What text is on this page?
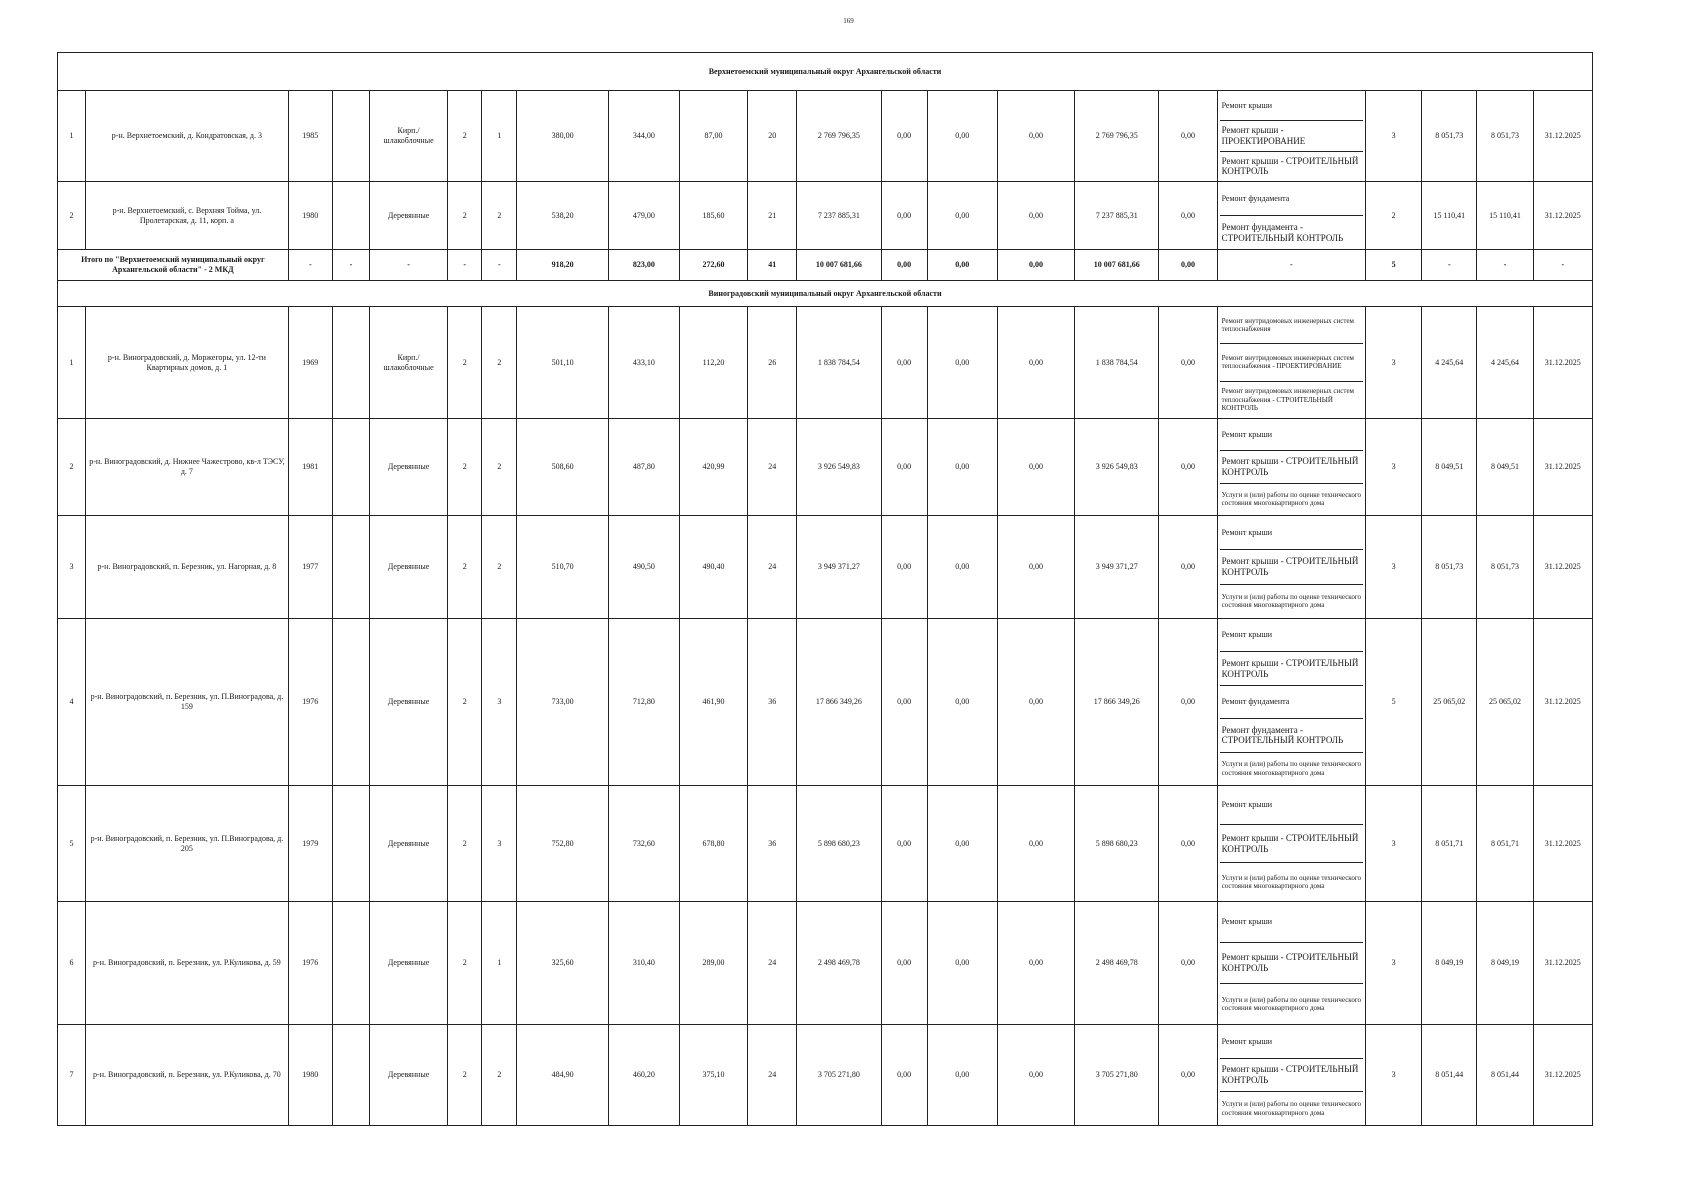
169
Верхнетоемский муниципальный округ Архангельской области																					
1	р-н. Верхнетоемский, д. Кондратовская, д. 3	1985		Кирп./ шлакоблочные	2	1	380,00	344,00	87,00	20	2 769 796,35	0,00	0,00	0,00	2 769 796,35	0,00	Ремонт крыши
Ремонт крыши - ПРОЕКТИРОВАНИЕ
Ремонт крыши - СТРОИТЕЛЬНЫЙ КОНТРОЛЬ	3	8 051,73	8 051,73	31.12.2025
2	р-н. Верхнетоемский, с. Верхняя Тойма, ул. Пролетарская, д. 11, корп. а	1980		Деревянные	2	2	538,20	479,00	185,60	21	7 237 885,31	0,00	0,00	0,00	7 237 885,31	0,00	Ремонт фундамента
Ремонт фундамента - СТРОИТЕЛЬНЫЙ КОНТРОЛЬ	2	15 110,41	15 110,41	31.12.2025
Итого по "Верхнетоемский муниципальный округ Архангельской области" - 2 МКД		-	-	-	-	-	918,20	823,00	272,60	41	10 007 681,66	0,00	0,00	0,00	10 007 681,66	0,00	-	5	-	-	-
Виноградовский муниципальный округ Архангельской области																					
1	р-н. Виноградовский, д. Моржегоры, ул. 12-ти Квартирных домов, д. 1	1969		Кирп./ шлакоблочные	2	2	501,10	433,10	112,20	26	1 838 784,54	0,00	0,00	0,00	1 838 784,54	0,00	Ремонт внутридомовых инженерных систем теплоснабжения
Ремонт внутридомовых инженерных систем теплоснабжения - ПРОЕКТИРОВАНИЕ
Ремонт внутридомовых инженерных систем теплоснабжения - СТРОИТЕЛЬНЫЙ КОНТРОЛЬ	3	4 245,64	4 245,64	31.12.2025
2	р-н. Виноградовский, д. Нижнее Чажестрово, кв-л ТЭСУ, д. 7	1981		Деревянные	2	2	508,60	487,80	420,99	24	3 926 549,83	0,00	0,00	0,00	3 926 549,83	0,00	Ремонт крыши
Ремонт крыши - СТРОИТЕЛЬНЫЙ КОНТРОЛЬ
Услуги и (или) работы по оценке технического состояния многоквартирного дома	3	8 049,51	8 049,51	31.12.2025
3	р-н. Виноградовский, п. Березник, ул. Нагорная, д. 8	1977		Деревянные	2	2	510,70	490,50	490,40	24	3 949 371,27	0,00	0,00	0,00	3 949 371,27	0,00	Ремонт крыши
Ремонт крыши - СТРОИТЕЛЬНЫЙ КОНТРОЛЬ
Услуги и (или) работы по оценке технического состояния многоквартирного дома	3	8 051,73	8 051,73	31.12.2025
4	р-н. Виноградовский, п. Березник, ул. П.Виноградова, д. 159	1976		Деревянные	2	3	733,00	712,80	461,90	36	17 866 349,26	0,00	0,00	0,00	17 866 349,26	0,00	Ремонт крыши
Ремонт крыши - СТРОИТЕЛЬНЫЙ КОНТРОЛЬ
Ремонт фундамента
Ремонт фундамента - СТРОИТЕЛЬНЫЙ КОНТРОЛЬ
Услуги и (или) работы по оценке технического состояния многоквартирного дома	5	25 065,02	25 065,02	31.12.2025
5	р-н. Виноградовский, п. Березник, ул. П.Виноградова, д. 205	1979		Деревянные	2	3	752,80	732,60	678,80	36	5 898 680,23	0,00	0,00	0,00	5 898 680,23	0,00	Ремонт крыши
Ремонт крыши - СТРОИТЕЛЬНЫЙ КОНТРОЛЬ
Услуги и (или) работы по оценке технического состояния многоквартирного дома	3	8 051,71	8 051,71	31.12.2025
6	р-н. Виноградовский, п. Березник, ул. Р.Куликова, д. 59	1976		Деревянные	2	1	325,60	310,40	289,00	24	2 498 469,78	0,00	0,00	0,00	2 498 469,78	0,00	Ремонт крыши
Ремонт крыши - СТРОИТЕЛЬНЫЙ КОНТРОЛЬ
Услуги и (или) работы по оценке технического состояния многоквартирного дома	3	8 049,19	8 049,19	31.12.2025
7	р-н. Виноградовский, п. Березник, ул. Р.Куликова, д. 70	1980		Деревянные	2	2	484,90	460,20	375,10	24	3 705 271,80	0,00	0,00	0,00	3 705 271,80	0,00	Ремонт крыши
Ремонт крыши - СТРОИТЕЛЬНЫЙ КОНТРОЛЬ
Услуги и (или) работы по оценке технического состояния многоквартирного дома	3	8 051,44	8 051,44	31.12.2025
